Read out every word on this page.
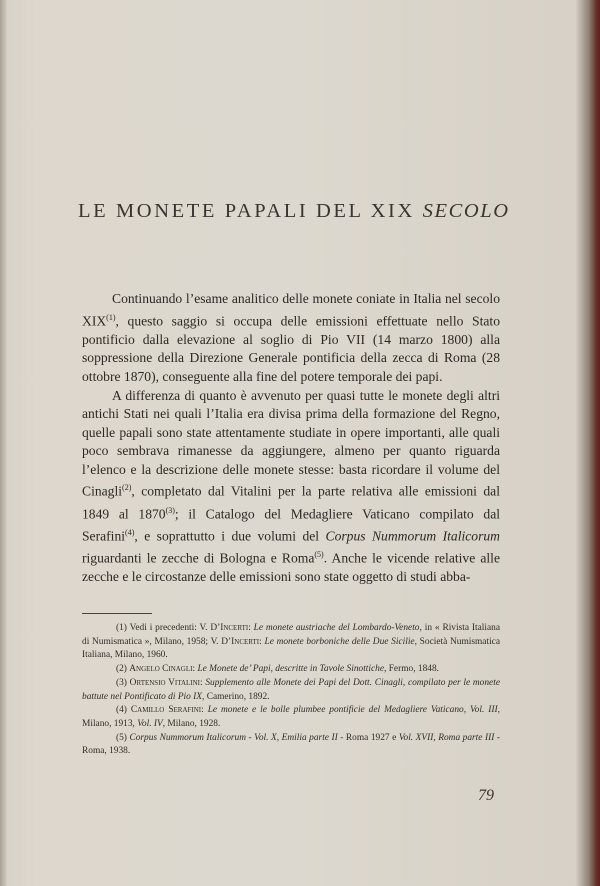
LE MONETE PAPALI DEL XIX SECOLO

Continuando l’esame analitico delle monete coniate in Italia nel secolo XIX$^{(1)}$, questo saggio si occupa delle emissioni effettuate nello Stato pontificio dalla elevazione al soglio di Pio VII (14 marzo 1800) alla soppressione della Direzione Generale pontificia della zecca di Roma (28 ottobre 1870), conseguente alla fine del potere temporale dei papi.

A differenza di quanto è avvenuto per quasi tutte le monete degli altri antichi Stati nei quali l’Italia era divisa prima della formazione del Regno, quelle papali sono state attentamente studiate in opere importanti, alle quali poco sembrava rimanesse da aggiungere, almeno per quanto riguarda l’elenco e la descrizione delle monete stesse: basta ricordare il volume del Cinagli$^{(2)}$, completato dal Vitalini per la parte relativa alle emissioni dal 1849 al 1870$^{(3)}$; il Catalogo del Medagliere Vaticano compilato dal Serafini$^{(4)}$, e soprattutto i due volumi del Corpus Nummorum Italicorum riguardanti le zecche di Bologna e Roma$^{(5)}$. Anche le vicende relative alle zecche e le circostanze delle emissioni sono state oggetto di studi abba-

(1) Vedi i precedenti: V. D’Incerti: Le monete austriache del Lombardo-Veneto, in « Rivista Italiana di Numismatica », Milano, 1958; V. D’Incerti: Le monete borboniche delle Due Sicilie, Società Numismatica Italiana, Milano, 1960.

(2) Angelo Cinagli: Le Monete de’ Papi, descritte in Tavole Sinottiche, Fermo, 1848.

(3) Ortensio Vitalini: Supplemento alle Monete dei Papi del Dott. Cinagli, compilato per le monete battute nel Pontificato di Pio IX, Camerino, 1892.

(4) Camillo Serafini: Le monete e le bolle plumbee pontificie del Medagliere Vaticano, Vol. III, Milano, 1913, Vol. IV, Milano, 1928.

(5) Corpus Nummorum Italicorum - Vol. X, Emilia parte II - Roma 1927 e Vol. XVII, Roma parte III - Roma, 1938.

79
